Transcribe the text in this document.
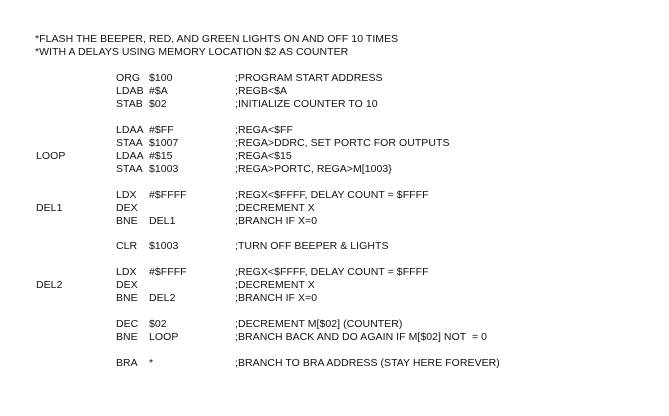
*FLASH THE BEEPER, RED, AND GREEN LIGHTS ON AND OFF 10 TIMES
*WITH A DELAYS USING MEMORY LOCATION $2 AS COUNTER
ORG $100	;PROGRAM START ADDRESS
LDAB #$A	;REGB<$A
STAB $02	;INITIALIZE COUNTER TO 10
LDAA #$FF	;REGA<$FF
STAA $1007	;REGA>DDRC, SET PORTC FOR OUTPUTS
LOOP	LDAA #$15	;REGA<$15
STAA $1003	;REGA>PORTC, REGA>M[1003}
LDX #$FFFF	;REGX<$FFFF, DELAY COUNT = $FFFF
DEL1	DEX	;DECREMENT X
BNE DEL1	;BRANCH IF X=0
CLR $1003	;TURN OFF BEEPER & LIGHTS
LDX #$FFFF	;REGX<$FFFF, DELAY COUNT = $FFFF
DEL2	DEX	;DECREMENT X
BNE DEL2	;BRANCH IF X=0
DEC $02	;DECREMENT M[$02] (COUNTER)
BNE LOOP	;BRANCH BACK AND DO AGAIN IF M[$02] NOT  = 0
BRA *	;BRANCH TO BRA ADDRESS (STAY HERE FOREVER)
